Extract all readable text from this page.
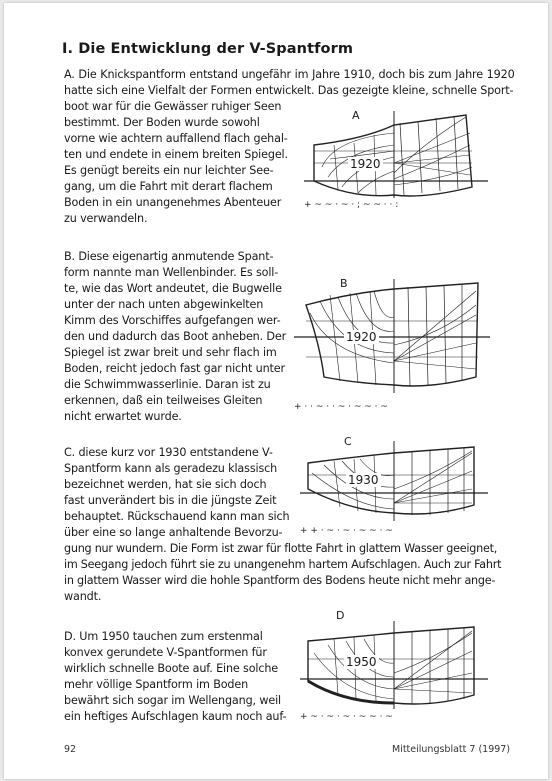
I. Die Entwicklung der V-Spantform
A. Die Knickspantform entstand ungefähr im Jahre 1910, doch bis zum Jahre 1920
hatte sich eine Vielfalt der Formen entwickelt. Das gezeigte kleine, schnelle Sport-
boot war für die Gewässer ruhiger Seen
bestimmt. Der Boden wurde sowohl
vorne wie achtern auffallend flach gehal-
ten und endete in einem breiten Spiegel.
Es genügt bereits ein nur leichter See-
gang, um die Fahrt mit derart flachem
Boden in ein unangenehmes Abenteuer
zu verwandeln.
+ ~ ~ · ~ · ; ~ ~ · · :
A
1920
B. Diese eigenartig anmutende Spant-
form nannte man Wellenbinder. Es soll-
te, wie das Wort andeutet, die Bugwelle
unter der nach unten abgewinkelten
Kimm des Vorschiffes aufgefangen wer-
den und dadurch das Boot anheben. Der
Spiegel ist zwar breit und sehr flach im
Boden, reicht jedoch fast gar nicht unter
die Schwimmwasserlinie. Daran ist zu
erkennen, daß ein teilweises Gleiten
nicht erwartet wurde.
+ · · ~ · · ~ · ~ ~ · ~
B
1920
C. diese kurz vor 1930 entstandene V-
Spantform kann als geradezu klassisch
bezeichnet werden, hat sie sich doch
fast unverändert bis in die jüngste Zeit
behauptet. Rückschauend kann man sich
über eine so lange anhaltende Bevorzu-
gung nur wundern. Die Form ist zwar für flotte Fahrt in glattem Wasser geeignet,
im Seegang jedoch führt sie zu unangenehm hartem Aufschlagen. Auch zur Fahrt
in glattem Wasser wird die hohle Spantform des Bodens heute nicht mehr ange-
wandt.
+ + · ~ · ~ · ~ ~ · ~
C
1930
D. Um 1950 tauchen zum erstenmal
konvex gerundete V-Spantformen für
wirklich schnelle Boote auf. Eine solche
mehr völlige Spantform im Boden
bewährt sich sogar im Wellengang, weil
ein heftiges Aufschlagen kaum noch auf- + ~ · ~ · ~ · ~ ~ · ~
D
1950
92	Mitteilungsblatt 7 (1997)
